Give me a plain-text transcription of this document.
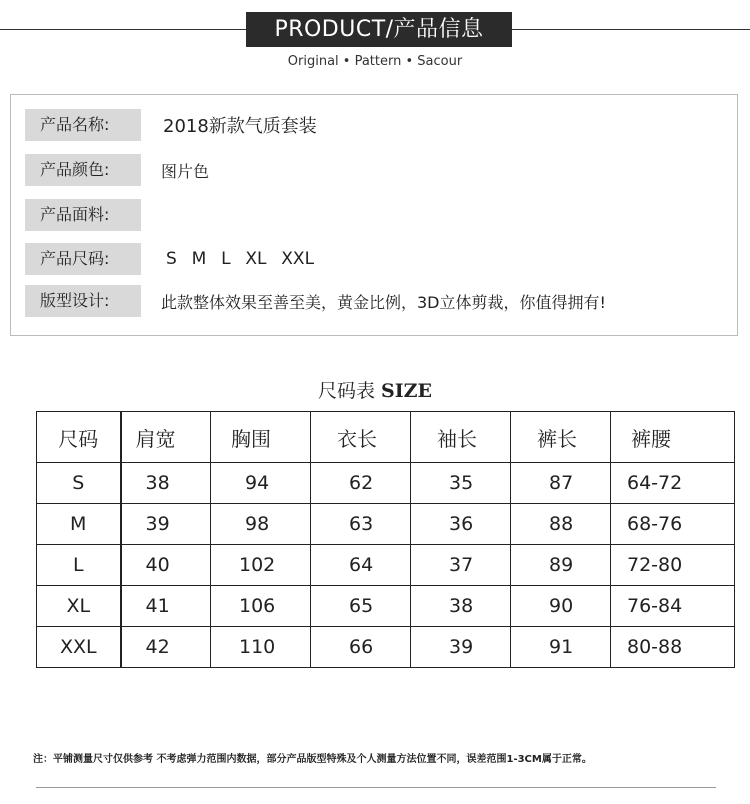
PRODUCT/产品信息
Original • Pattern • Sacour
产品名称:	2018新款气质套装
产品颜色:	图片色
产品面料:
产品尺码:	S  M  L  XL  XXL
版型设计:	此款整体效果至善至美，黄金比例，3D立体剪裁，你值得拥有!
尺码表 SIZE
尺码	肩宽	胸围	衣长	袖长	裤长	裤腰
S	38	94	62	35	87	64-72
M	39	98	63	36	88	68-76
L	40	102	64	37	89	72-80
XL	41	106	65	38	90	76-84
XXL	42	110	66	39	91	80-88
注：平铺测量尺寸仅供参考 不考虑弹力范围内数据，部分产品版型特殊及个人测量方法位置不同，误差范围1-3CM属于正常。
